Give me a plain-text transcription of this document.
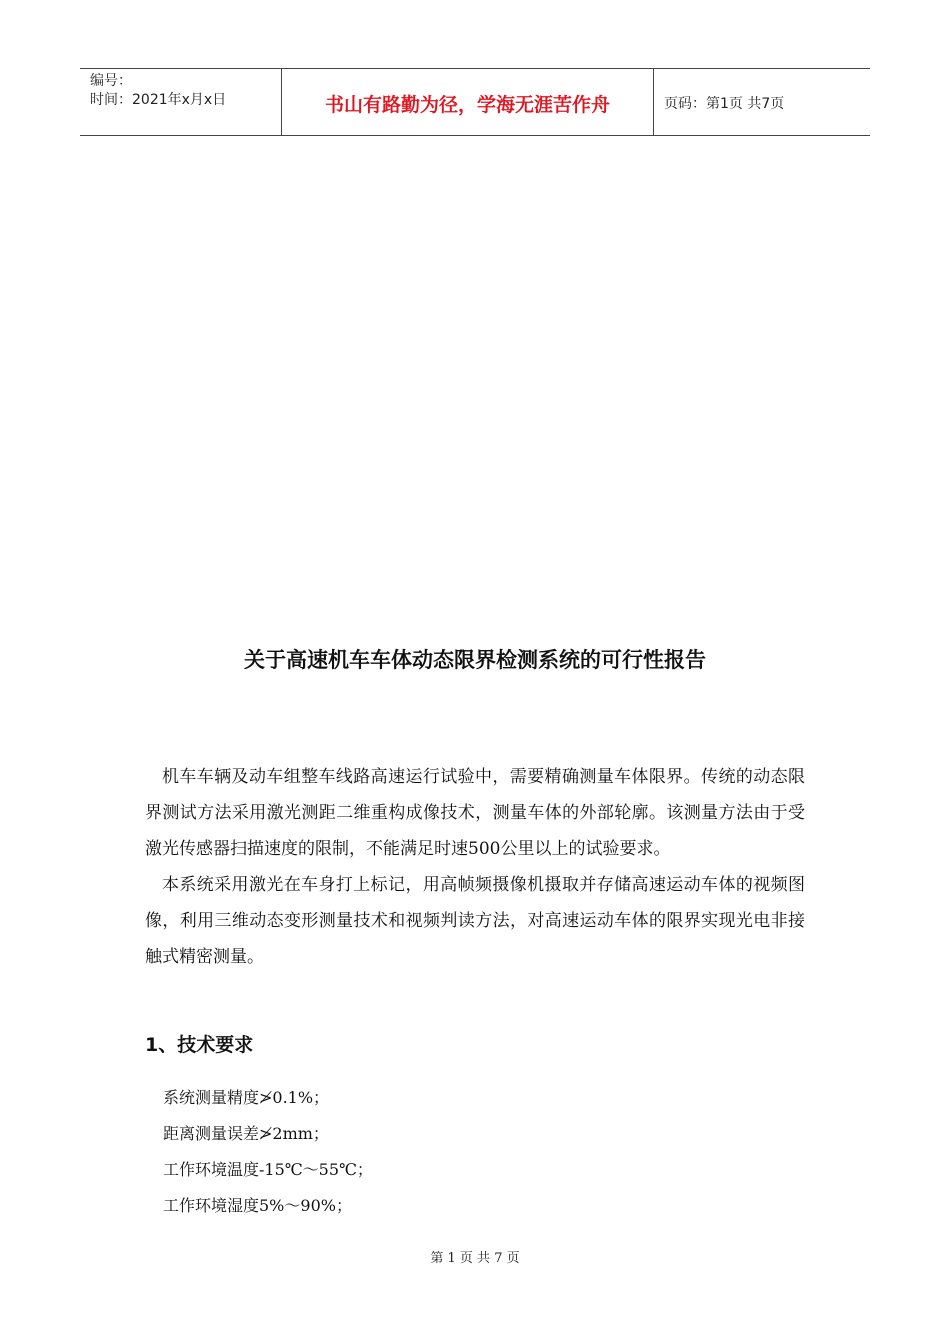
编号：
时间：2021年x月x日	书山有路勤为径，学海无涯苦作舟	页码：第1页 共7页
关于高速机车车体动态限界检测系统的可行性报告

机车车辆及动车组整车线路高速运行试验中，需要精确测量车体限界。传统的动态限界测试方法采用激光测距二维重构成像技术，测量车体的外部轮廓。该测量方法由于受激光传感器扫描速度的限制，不能满足时速500公里以上的试验要求。

本系统采用激光在车身打上标记，用高帧频摄像机摄取并存储高速运动车体的视频图像，利用三维动态变形测量技术和视频判读方法，对高速运动车体的限界实现光电非接触式精密测量。

1、技术要求
系统测量精度≯0.1%；
距离测量误差≯2mm；
工作环境温度-15℃～55℃；
工作环境湿度5%～90%；
第 1 页 共 7 页
